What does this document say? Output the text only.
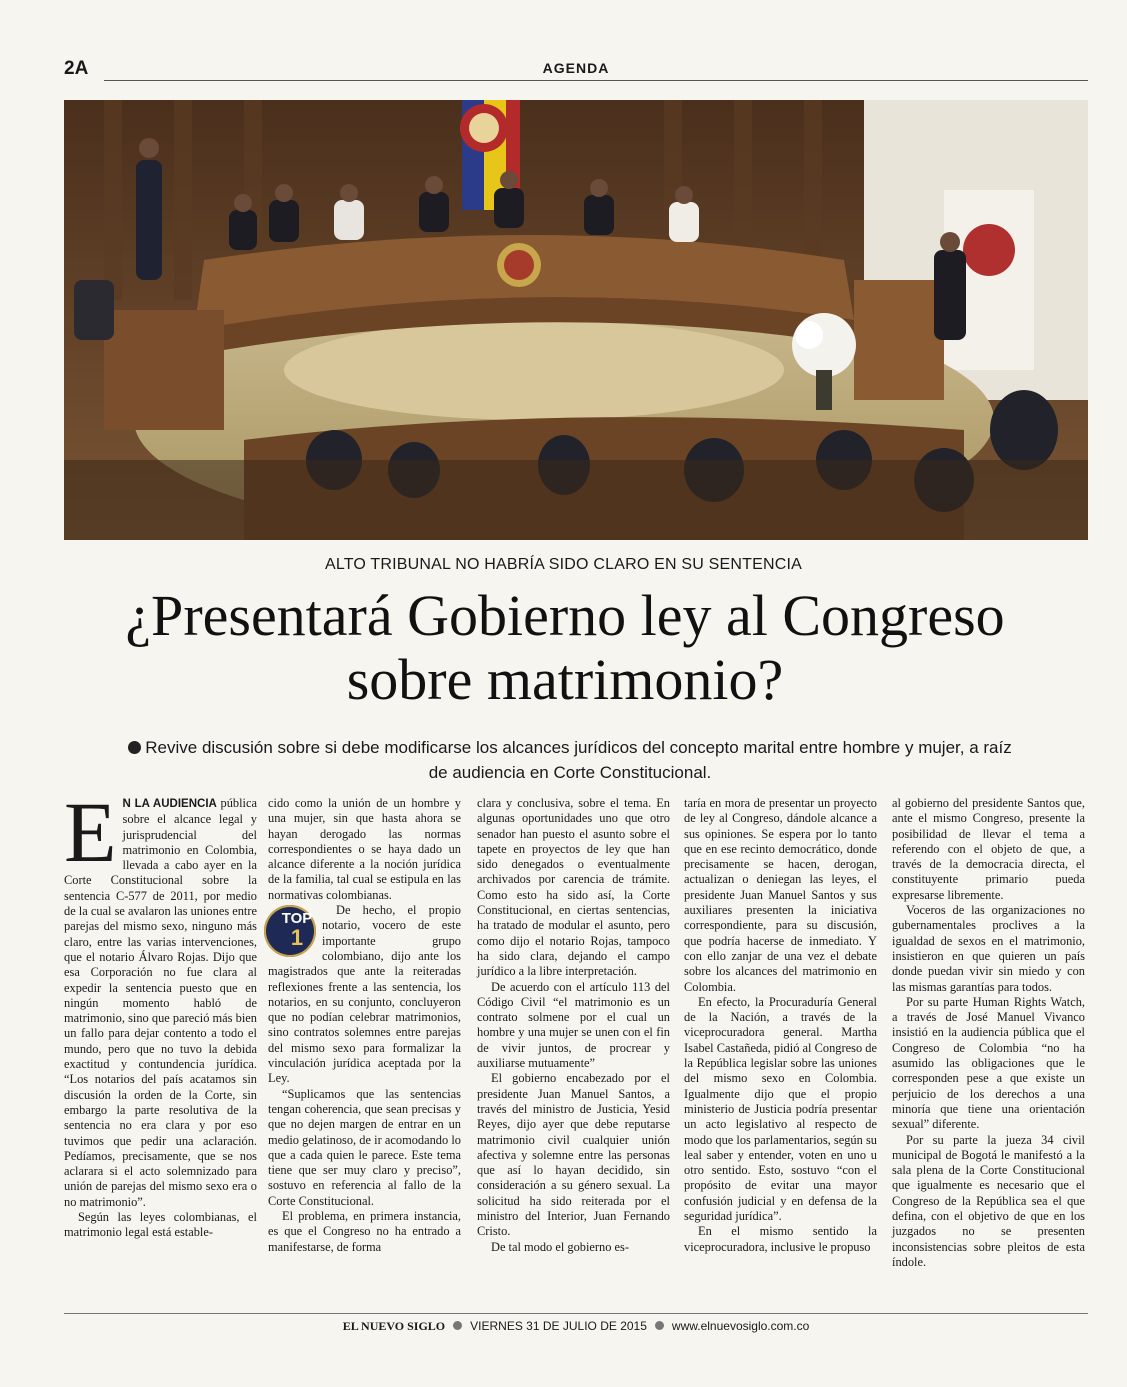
2A	AGENDA
ALTO TRIBUNAL NO HABRÍA SIDO CLARO EN SU SENTENCIA
¿Presentará Gobierno ley al Congreso sobre matrimonio?
Revive discusión sobre si debe modificarse los alcances jurídicos del concepto marital entre hombre y mujer, a raíz de audiencia en Corte Constitucional.

E N LA AUDIENCIA pública sobre el alcance legal y jurisprudencial del matrimonio en Colombia, llevada a cabo ayer en la Corte Constitucional sobre la sentencia C-577 de 2011, por medio de la cual se avalaron las uniones entre parejas del mismo sexo, ninguno más claro, entre las varias intervenciones, que el notario Álvaro Rojas. Dijo que esa Corporación no fue clara al expedir la sentencia puesto que en ningún momento habló de matrimonio, sino que pareció más bien un fallo para dejar contento a todo el mundo, pero que no tuvo la debida exactitud y contundencia jurídica. “Los notarios del país acatamos sin discusión la orden de la Corte, sin embargo la parte resolutiva de la sentencia no era clara y por eso tuvimos que pedir una aclaración. Pedíamos, precisamente, que se nos aclarara si el acto solemnizado para unión de parejas del mismo sexo era o no matrimonio”.

Según las leyes colombianas, el matrimonio legal está estable-

cido como la unión de un hombre y una mujer, sin que hasta ahora se hayan derogado las normas correspondientes o se haya dado un alcance diferente a la noción jurídica de la familia, tal cual se estipula en las normativas colombianas.

TOP
1
De hecho, el propio notario, vocero de este importante grupo colombiano, dijo ante los magistrados que ante la reiteradas reflexiones frente a las sentencia, los notarios, en su conjunto, concluyeron que no podían celebrar matrimonios, sino contratos solemnes entre parejas del mismo sexo para formalizar la vinculación jurídica aceptada por la Ley.

“Suplicamos que las sentencias tengan coherencia, que sean precisas y que no dejen margen de entrar en un medio gelatinoso, de ir acomodando lo que a cada quien le parece. Este tema tiene que ser muy claro y preciso”, sostuvo en referencia al fallo de la Corte Constitucional.

El problema, en primera instancia, es que el Congreso no ha entrado a manifestarse, de forma

clara y conclusiva, sobre el tema. En algunas oportunidades uno que otro senador han puesto el asunto sobre el tapete en proyectos de ley que han sido denegados o eventualmente archivados por carencia de trámite. Como esto ha sido así, la Corte Constitucional, en ciertas sentencias, ha tratado de modular el asunto, pero como dijo el notario Rojas, tampoco ha sido clara, dejando el campo jurídico a la libre interpretación.

De acuerdo con el artículo 113 del Código Civil “el matrimonio es un contrato solmene por el cual un hombre y una mujer se unen con el fin de vivir juntos, de procrear y auxiliarse mutuamente”

El gobierno encabezado por el presidente Juan Manuel Santos, a través del ministro de Justicia, Yesid Reyes, dijo ayer que debe reputarse matrimonio civil cualquier unión afectiva y solemne entre las personas que así lo hayan decidido, sin consideración a su género sexual. La solicitud ha sido reiterada por el ministro del Interior, Juan Fernando Cristo.

De tal modo el gobierno es-

taría en mora de presentar un proyecto de ley al Congreso, dándole alcance a sus opiniones. Se espera por lo tanto que en ese recinto democrático, donde precisamente se hacen, derogan, actualizan o deniegan las leyes, el presidente Juan Manuel Santos y sus auxiliares presenten la iniciativa correspondiente, para su discusión, que podría hacerse de inmediato. Y con ello zanjar de una vez el debate sobre los alcances del matrimonio en Colombia.

En efecto, la Procuraduría General de la Nación, a través de la viceprocuradora general. Martha Isabel Castañeda, pidió al Congreso de la República legislar sobre las uniones del mismo sexo en Colombia. Igualmente dijo que el propio ministerio de Justicia podría presentar un acto legislativo al respecto de modo que los parlamentarios, según su leal saber y entender, voten en uno u otro sentido. Esto, sostuvo “con el propósito de evitar una mayor confusión judicial y en defensa de la seguridad jurídica”.

En el mismo sentido la viceprocuradora, inclusive le propuso

al gobierno del presidente Santos que, ante el mismo Congreso, presente la posibilidad de llevar el tema a referendo con el objeto de que, a través de la democracia directa, el constituyente primario pueda expresarse libremente.

Voceros de las organizaciones no gubernamentales proclives a la igualdad de sexos en el matrimonio, insistieron en que quieren un país donde puedan vivir sin miedo y con las mismas garantías para todos.

Por su parte Human Rights Watch, a través de José Manuel Vivanco insistió en la audiencia pública que el Congreso de Colombia “no ha asumido las obligaciones que le corresponden pese a que existe un perjuicio de los derechos a una minoría que tiene una orientación sexual” diferente.

Por su parte la jueza 34 civil municipal de Bogotá le manifestó a la sala plena de la Corte Constitucional que igualmente es necesario que el Congreso de la República sea el que defina, con el objetivo de que en los juzgados no se presenten inconsistencias sobre pleitos de esta índole.

EL NUEVO SIGLO VIERNES 31 DE JULIO DE 2015 www.elnuevosiglo.com.co
